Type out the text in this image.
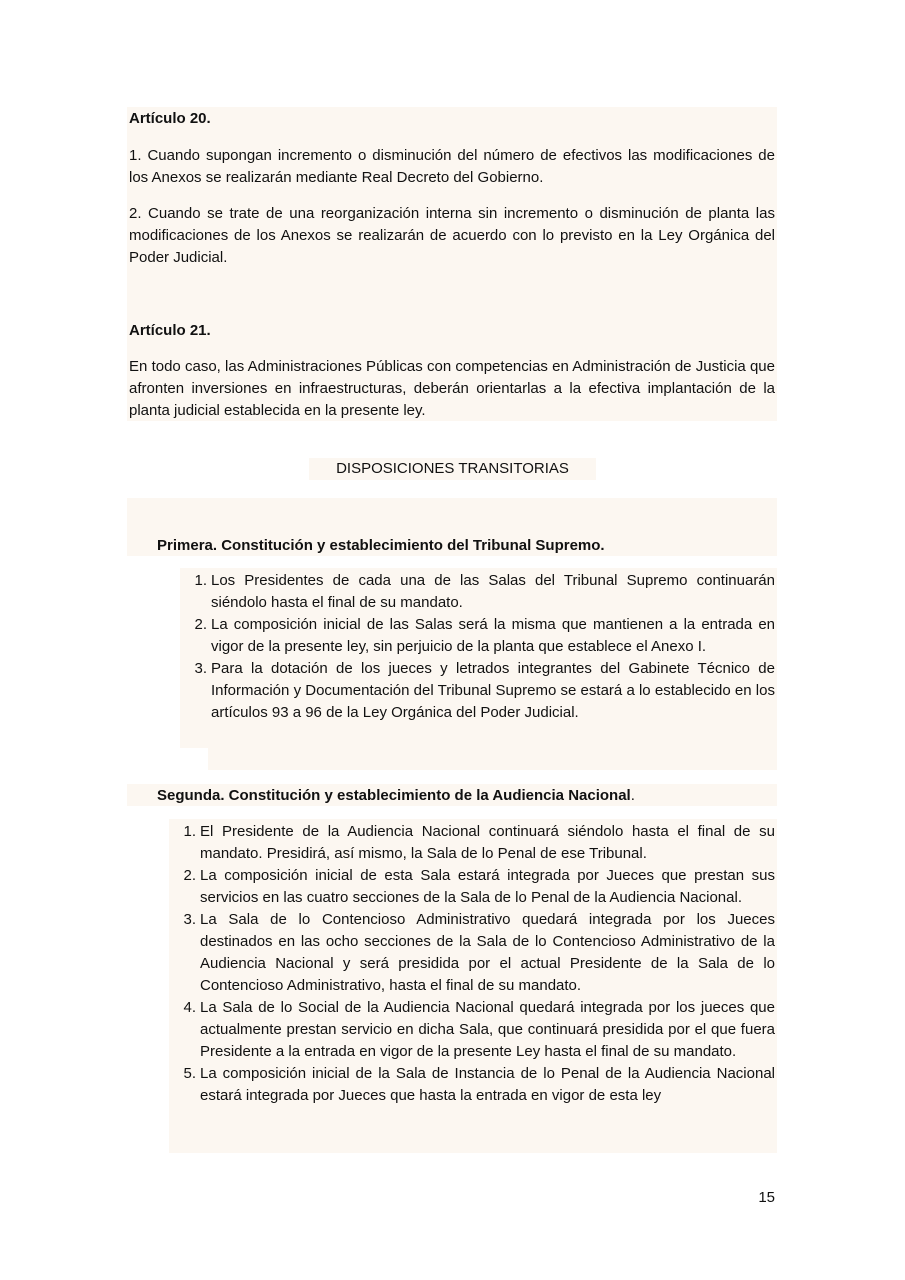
Artículo 20.
1. Cuando supongan incremento o disminución del número de efectivos las modificaciones de los Anexos se realizarán mediante Real Decreto del Gobierno.
2. Cuando se trate de una reorganización interna sin incremento o disminución de planta las modificaciones de los Anexos se realizarán de acuerdo con lo previsto en la Ley Orgánica del Poder Judicial.
Artículo 21.
En todo caso, las Administraciones Públicas con competencias en Administración de Justicia que afronten inversiones en infraestructuras, deberán orientarlas a la efectiva implantación de la planta judicial establecida en la presente ley.
DISPOSICIONES TRANSITORIAS
Primera. Constitución y establecimiento del Tribunal Supremo.
1. Los Presidentes de cada una de las Salas del Tribunal Supremo continuarán siéndolo hasta el final de su mandato.
2. La composición inicial de las Salas será la misma que mantienen a la entrada en vigor de la presente ley, sin perjuicio de la planta que establece el Anexo I.
3. Para la dotación de los jueces y letrados integrantes del Gabinete Técnico de Información y Documentación del Tribunal Supremo se estará a lo establecido en los artículos 93 a 96 de la Ley Orgánica del Poder Judicial.
Segunda. Constitución y establecimiento de la Audiencia Nacional.
1. El Presidente de la Audiencia Nacional continuará siéndolo hasta el final de su mandato. Presidirá, así mismo, la Sala de lo Penal de ese Tribunal.
2. La composición inicial de esta Sala estará integrada por Jueces que prestan sus servicios en las cuatro secciones de la Sala de lo Penal de la Audiencia Nacional.
3. La Sala de lo Contencioso Administrativo quedará integrada por los Jueces destinados en las ocho secciones de la Sala de lo Contencioso Administrativo de la Audiencia Nacional y será presidida por el actual Presidente de la Sala de lo Contencioso Administrativo, hasta el final de su mandato.
4. La Sala de lo Social de la Audiencia Nacional quedará integrada por los jueces que actualmente prestan servicio en dicha Sala, que continuará presidida por el que fuera Presidente a la entrada en vigor de la presente Ley hasta el final de su mandato.
5. La composición inicial de la Sala de Instancia de lo Penal de la Audiencia Nacional estará integrada por Jueces que hasta la entrada en vigor de esta ley
15
